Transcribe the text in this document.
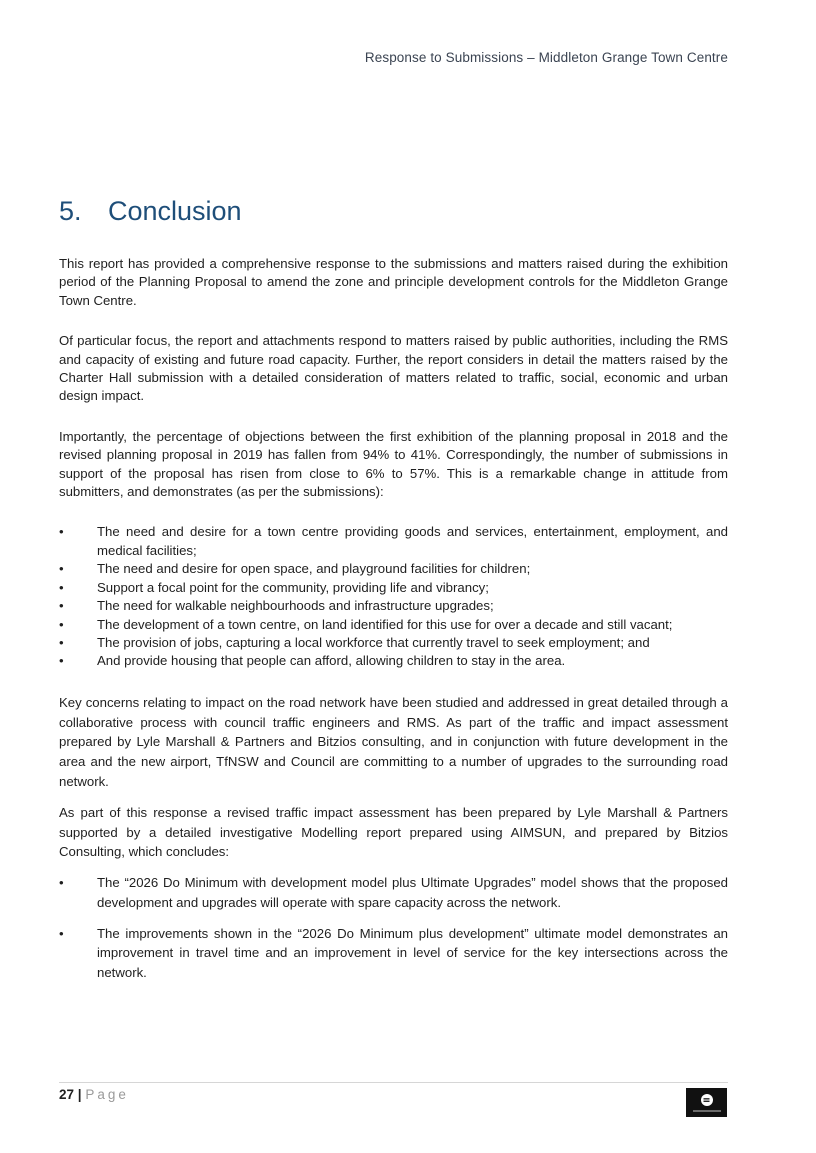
Response to Submissions – Middleton Grange Town Centre
5. Conclusion

This report has provided a comprehensive response to the submissions and matters raised during the exhibition period of the Planning Proposal to amend the zone and principle development controls for the Middleton Grange Town Centre.

Of particular focus, the report and attachments respond to matters raised by public authorities, including the RMS and capacity of existing and future road capacity. Further, the report considers in detail the matters raised by the Charter Hall submission with a detailed consideration of matters related to traffic, social, economic and urban design impact.

Importantly, the percentage of objections between the first exhibition of the planning proposal in 2018 and the revised planning proposal in 2019 has fallen from 94% to 41%. Correspondingly, the number of submissions in support of the proposal has risen from close to 6% to 57%. This is a remarkable change in attitude from submitters, and demonstrates (as per the submissions):

•	The need and desire for a town centre providing goods and services, entertainment, employment, and medical facilities;
•	The need and desire for open space, and playground facilities for children;
•	Support a focal point for the community, providing life and vibrancy;
•	The need for walkable neighbourhoods and infrastructure upgrades;
•	The development of a town centre, on land identified for this use for over a decade and still vacant;
•	The provision of jobs, capturing a local workforce that currently travel to seek employment; and
•	And provide housing that people can afford, allowing children to stay in the area.

Key concerns relating to impact on the road network have been studied and addressed in great detailed through a collaborative process with council traffic engineers and RMS. As part of the traffic and impact assessment prepared by Lyle Marshall & Partners and Bitzios consulting, and in conjunction with future development in the area and the new airport, TfNSW and Council are committing to a number of upgrades to the surrounding road network.

As part of this response a revised traffic impact assessment has been prepared by Lyle Marshall & Partners supported by a detailed investigative Modelling report prepared using AIMSUN, and prepared by Bitzios Consulting, which concludes:

•	The “2026 Do Minimum with development model plus Ultimate Upgrades” model shows that the proposed development and upgrades will operate with spare capacity across the network.
•	The improvements shown in the “2026 Do Minimum plus development” ultimate model demonstrates an improvement in travel time and an improvement in level of service for the key intersections across the network.
27 | Page
